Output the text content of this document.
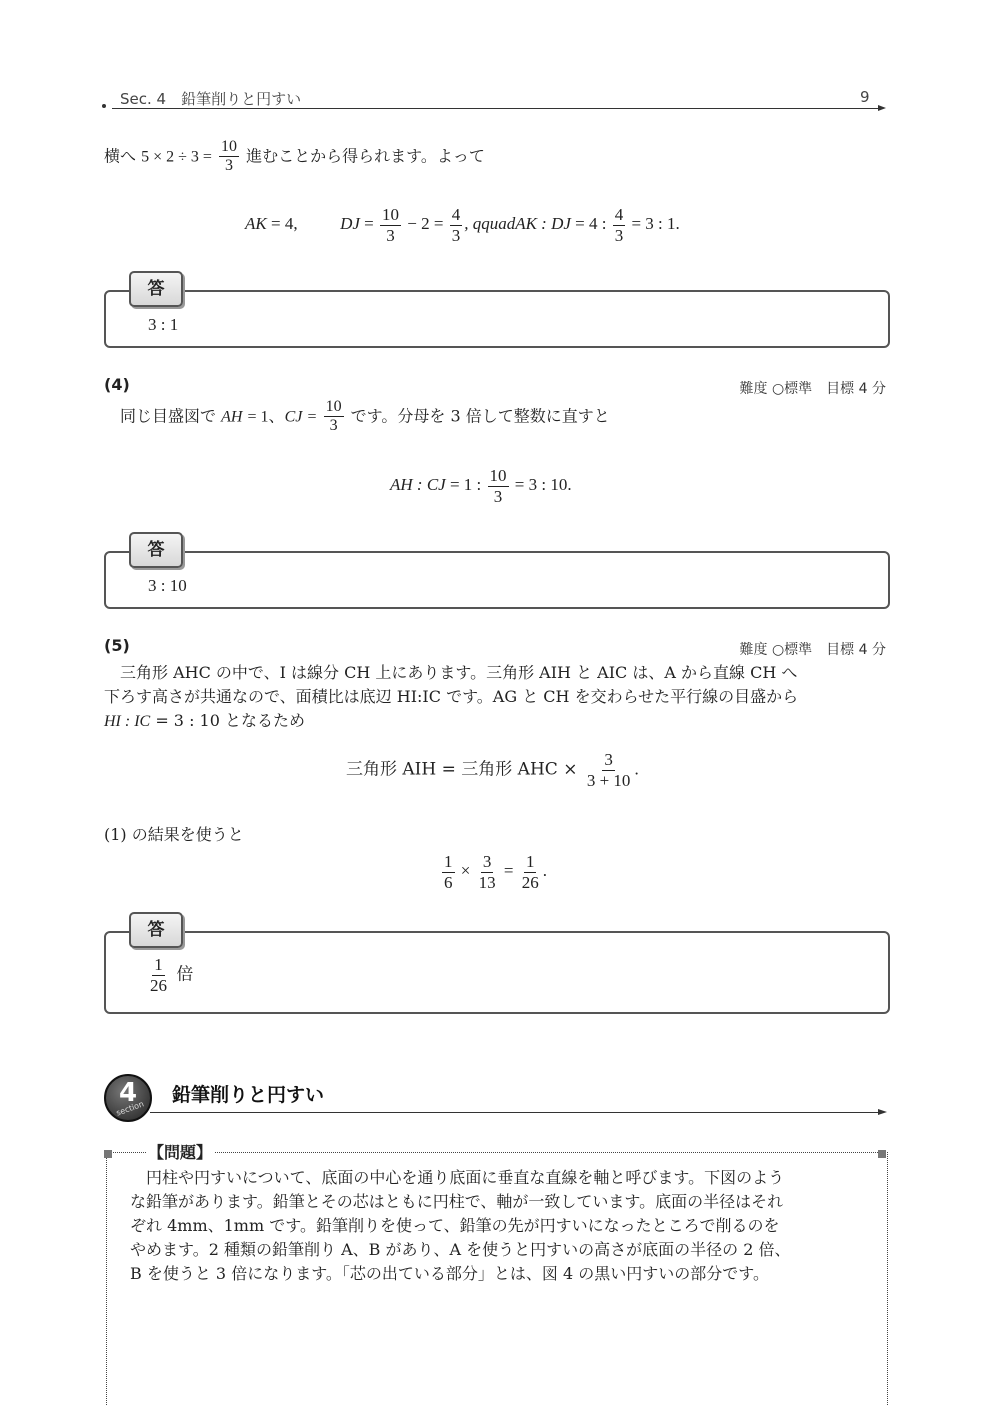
Sec. 4　鉛筆削りと円すい	9
横へ $5 \times 2 \div 3 = \frac{10}{3}$ 進むことから得られます。よって
AK = 4,	DJ = $\frac{10}{3} - 2 = \frac{4}{3}$ , qquadAK : DJ = 4 : $\frac{4}{3} = 3$ : 1.
答
3 : 1
(4)	難度 ○標準　目標 4 分
同じ目盛図で AH = 1、CJ = $\frac{10}{3}$ です。分母を 3 倍して整数に直すと
AH : CJ = 1 : $\frac{10}{3} = 3$ : 10.
答
3 : 10
(5)	難度 ○標準　目標 4 分
三角形 AHC の中で、I は線分 CH 上にあります。三角形 AIH と AIC は、A から直線 CH へ
下ろす高さが共通なので、面積比は底辺 HI:IC です。AG と CH を交わらせた平行線の目盛から
HI : IC = 3 : 10 となるため
三角形 AIH = 三角形 AHC × $\frac{3}{3 + 10}$ .
(1) の結果を使うと
$\frac{1}{6} \times \frac{3}{13} = \frac{1}{26}$ .
答
$\frac{1}{26}$ 倍
4
section
鉛筆削りと円すい
【問題】

円柱や円すいについて、底面の中心を通り底面に垂直な直線を軸と呼びます。下図のよう

な鉛筆があります。鉛筆とその芯はともに円柱で、軸が一致しています。底面の半径はそれ

ぞれ 4mm、1mm です。鉛筆削りを使って、鉛筆の先が円すいになったところで削るのを

やめます。2 種類の鉛筆削り A、B があり、A を使うと円すいの高さが底面の半径の 2 倍、

B を使うと 3 倍になります。「芯の出ている部分」とは、図 4 の黒い円すいの部分です。
